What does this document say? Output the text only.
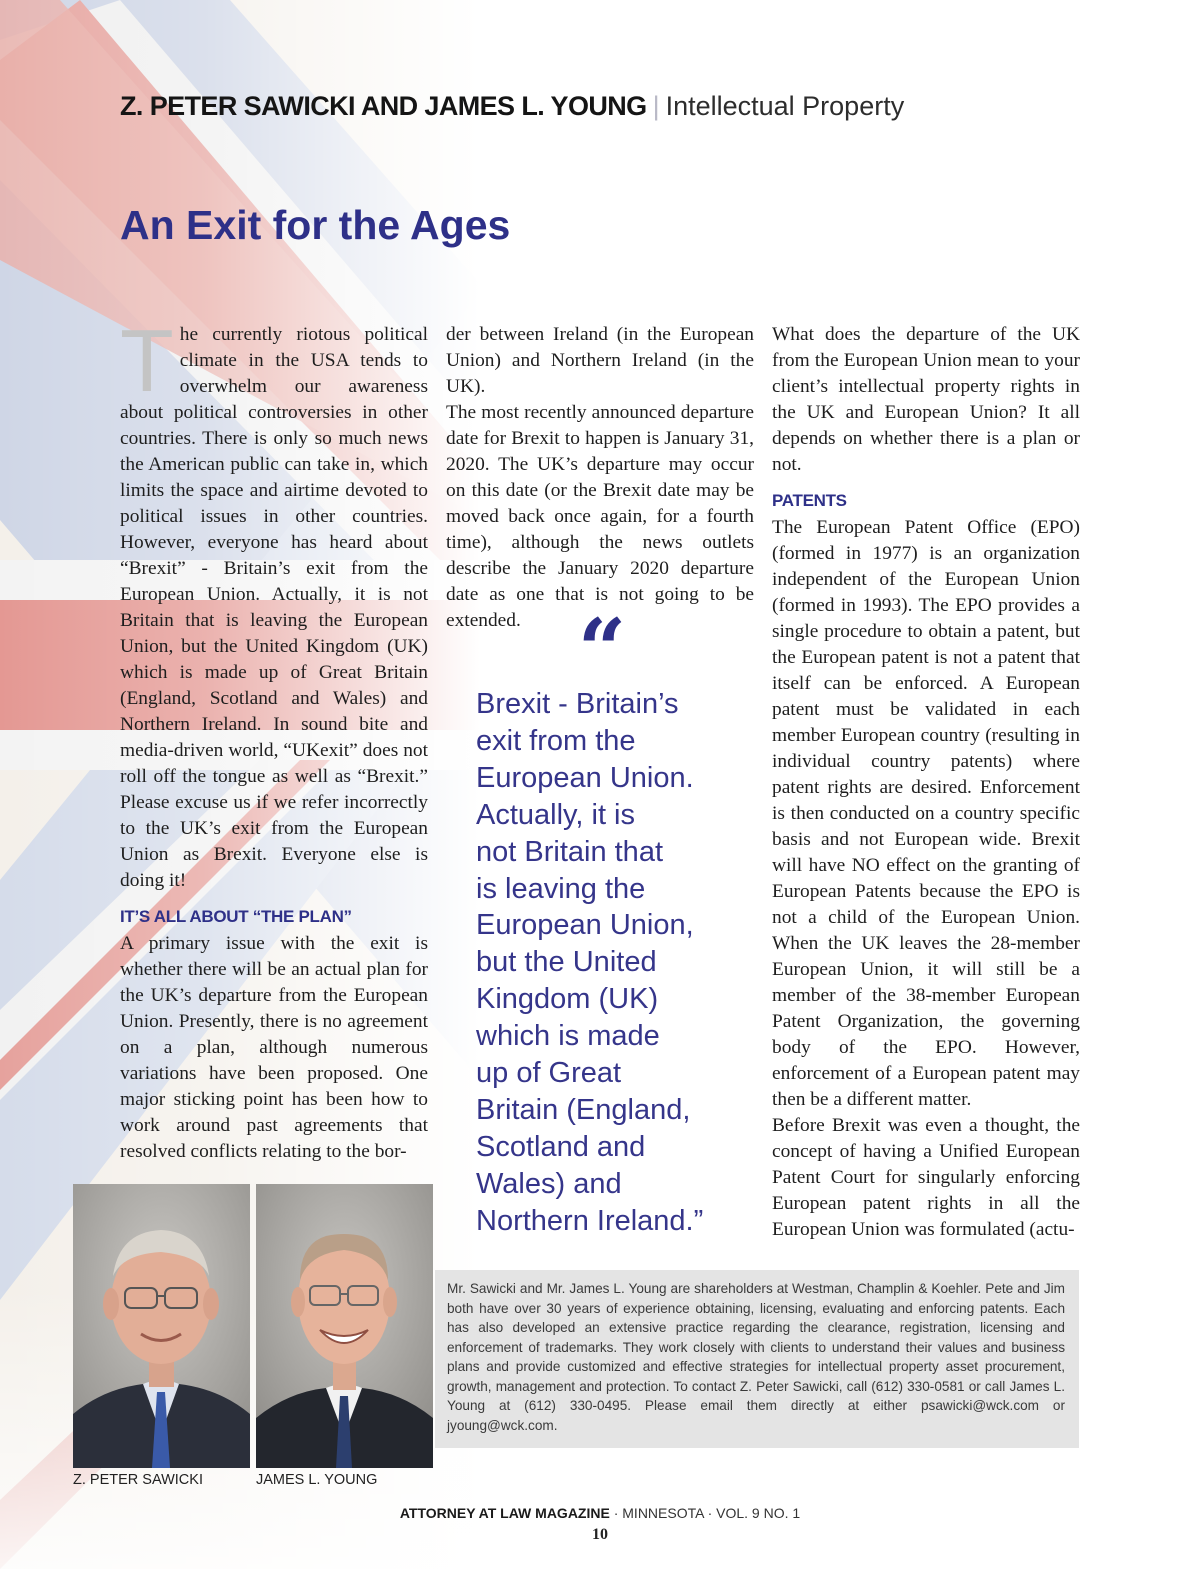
Z. PETER SAWICKI AND JAMES L. YOUNG | Intellectual Property
An Exit for the Ages

The currently riotous political climate in the USA tends to overwhelm our awareness about political controversies in other countries. There is only so much news the American public can take in, which limits the space and airtime devoted to political issues in other countries. However, everyone has heard about “Brexit” - Britain’s exit from the European Union. Actually, it is not Britain that is leaving the European Union, but the United Kingdom (UK) which is made up of Great Britain (England, Scotland and Wales) and Northern Ireland. In sound bite and media-driven world, “UKexit” does not roll off the tongue as well as “Brexit.” Please excuse us if we refer incorrectly to the UK’s exit from the European Union as Brexit. Everyone else is doing it!

IT’S ALL ABOUT “THE PLAN”

A primary issue with the exit is whether there will be an actual plan for the UK’s departure from the European Union. Presently, there is no agreement on a plan, although numerous variations have been proposed. One major sticking point has been how to work around past agreements that resolved conflicts relating to the bor-

der between Ireland (in the European Union) and Northern Ireland (in the UK).

The most recently announced departure date for Brexit to happen is January 31, 2020. The UK’s departure may occur on this date (or the Brexit date may be moved back once again, for a fourth time), although the news outlets describe the January 2020 departure date as one that is not going to be extended. “
Brexit - Britain’s
exit from the
European Union.
Actually, it is
not Britain that
is leaving the
European Union,
but the United
Kingdom (UK)
which is made
up of Great
Britain (England,
Scotland and
Wales) and
Northern Ireland.”

What does the departure of the UK from the European Union mean to your client’s intellectual property rights in the UK and European Union? It all depends on whether there is a plan or not.

PATENTS

The European Patent Office (EPO) (formed in 1977) is an organization independent of the European Union (formed in 1993). The EPO provides a single procedure to obtain a patent, but the European patent is not a patent that itself can be enforced. A European patent must be validated in each member European country (resulting in individual country patents) where patent rights are desired. Enforcement is then conducted on a country specific basis and not European wide. Brexit will have NO effect on the granting of European Patents because the EPO is not a child of the European Union. When the UK leaves the 28-member European Union, it will still be a member of the 38-member European Patent Organization, the governing body of the EPO. However, enforcement of a European patent may then be a different matter.

Before Brexit was even a thought, the concept of having a Unified European Patent Court for singularly enforcing European patent rights in all the European Union was formulated (actu-

Z. PETER SAWICKI	JAMES L. YOUNG
Mr. Sawicki and Mr. James L. Young are shareholders at Westman, Champlin & Koehler. Pete and Jim both have over 30 years of experience obtaining, licensing, evaluating and enforcing patents. Each has also developed an extensive practice regarding the clearance, registration, licensing and enforcement of trademarks. They work closely with clients to understand their values and business plans and provide customized and effective strategies for intellectual property asset procurement, growth, management and protection. To contact Z. Peter Sawicki, call (612) 330-0581 or call James L. Young at (612) 330-0495. Please email them directly at either psawicki@wck.com or jyoung@wck.com.
ATTORNEY AT LAW MAGAZINE · MINNESOTA · VOL. 9 NO. 1
10
